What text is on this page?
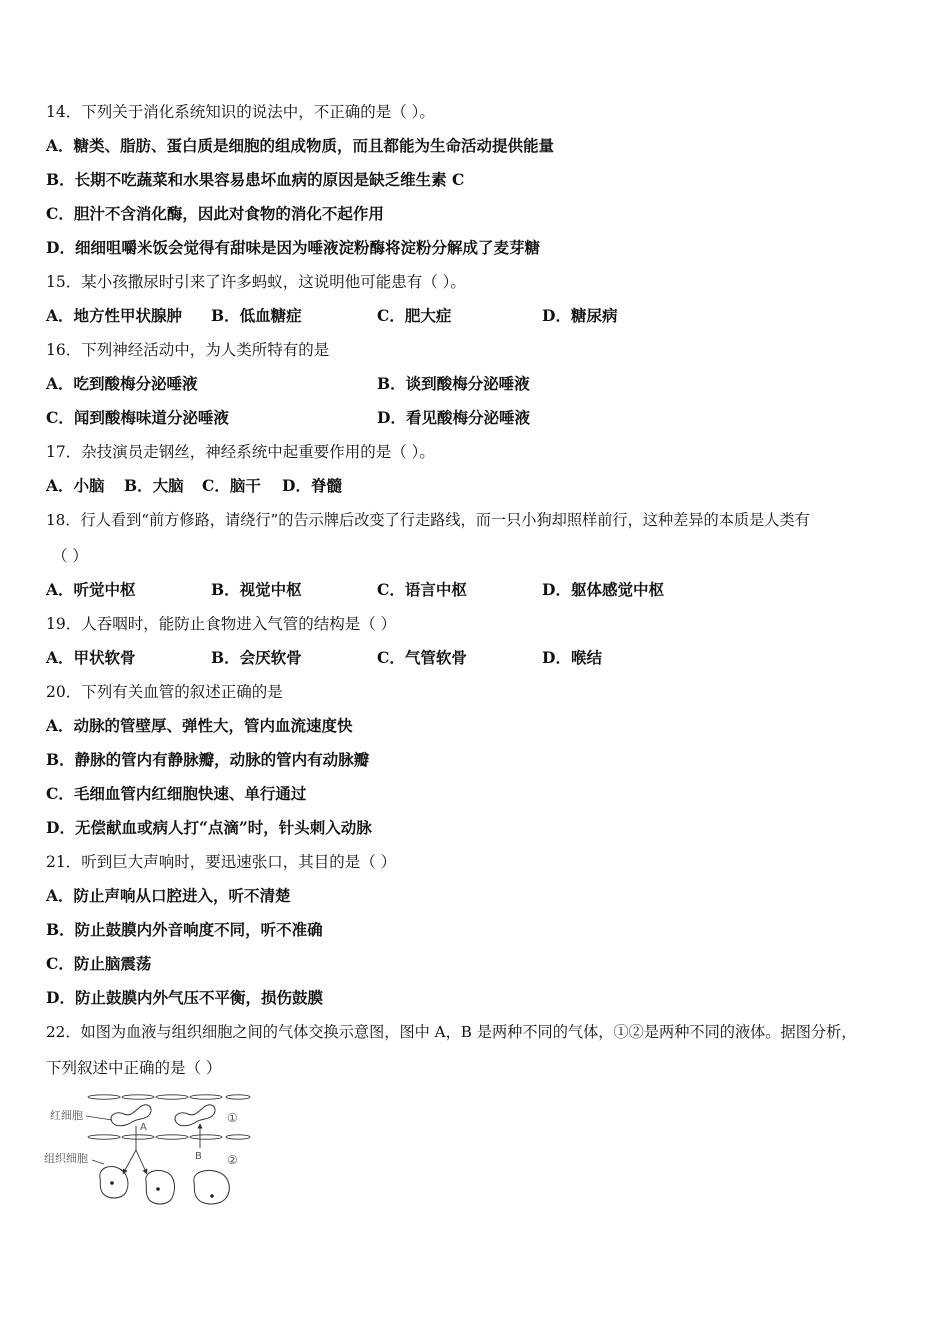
14．下列关于消化系统知识的说法中，不正确的是（ ）。
A．糖类、脂肪、蛋白质是细胞的组成物质，而且都能为生命活动提供能量
B．长期不吃蔬菜和水果容易患坏血病的原因是缺乏维生素 C
C．胆汁不含消化酶，因此对食物的消化不起作用
D．细细咀嚼米饭会觉得有甜味是因为唾液淀粉酶将淀粉分解成了麦芽糖
15．某小孩撒尿时引来了许多蚂蚁，这说明他可能患有（ ）。
A．地方性甲状腺肿 B．低血糖症	C．肥大症	D．糖尿病
16．下列神经活动中，为人类所特有的是
A．吃到酸梅分泌唾液	B．谈到酸梅分泌唾液
C．闻到酸梅味道分泌唾液	D．看见酸梅分泌唾液
17．杂技演员走钢丝，神经系统中起重要作用的是（ ）。
A．小脑 B．大脑 C．脑干 D．脊髓
18．行人看到“前方修路，请绕行”的告示牌后改变了行走路线，而一只小狗却照样前行，这种差异的本质是人类有
（ ）
A．听觉中枢	B．视觉中枢	C．语言中枢	D．躯体感觉中枢
19．人吞咽时，能防止食物进入气管的结构是（ ）
A．甲状软骨	B．会厌软骨	C．气管软骨	D．喉结
20．下列有关血管的叙述正确的是
A．动脉的管壁厚、弹性大，管内血流速度快
B．静脉的管内有静脉瓣，动脉的管内有动脉瓣
C．毛细血管内红细胞快速、单行通过
D．无偿献血或病人打“点滴”时，针头刺入动脉
21．听到巨大声响时，要迅速张口，其目的是（ ）
A．防止声响从口腔进入，听不清楚
B．防止鼓膜内外音响度不同，听不准确
C．防止脑震荡
D．防止鼓膜内外气压不平衡，损伤鼓膜
22．如图为血液与组织细胞之间的气体交换示意图，图中 A，B 是两种不同的气体，①②是两种不同的液体。据图分析，
下列叙述中正确的是（ ）
红细胞
组织细胞
A
B
①
②
